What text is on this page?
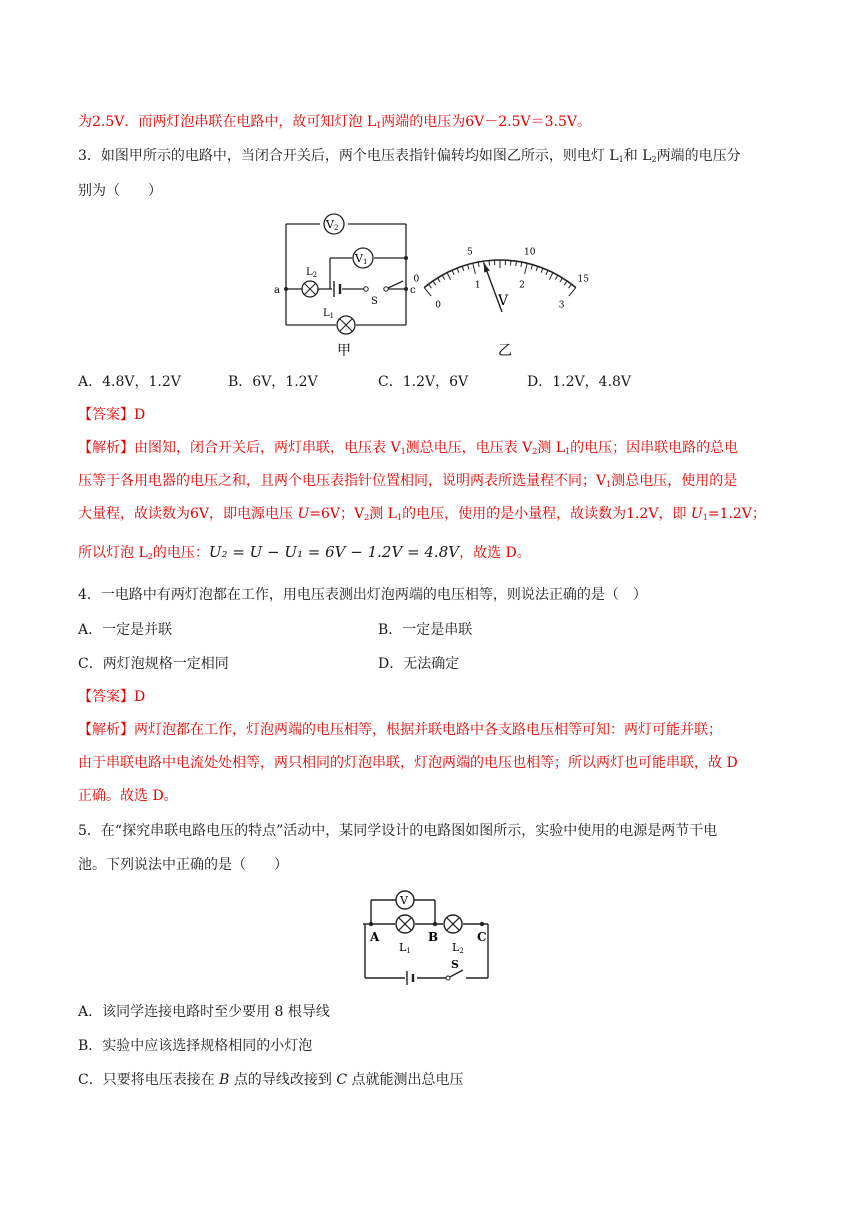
为2.5V．而两灯泡串联在电路中，故可知灯泡 $L_1$两端的电压为6V－2.5V＝3.5V。
3．如图甲所示的电路中，当闭合开关后，两个电压表指针偏转均如图乙所示，则电灯 $L_1$和 $L_2$两端的电压分
别为（　　）
V2
V1
$L_2$
$L_1$
S
a	c
甲
0
5	10
15
0
1	2
3
V
乙
A．4.8V，1.2V	B．6V，1.2V	C．1.2V，6V	D．1.2V，4.8V
【答案】D
【解析】由图知，闭合开关后，两灯串联，电压表 $V_1$测总电压，电压表 $V_2$测 $L_1$的电压；因串联电路的总电
压等于各用电器的电压之和，且两个电压表指针位置相同，说明两表所选量程不同；$V_1$测总电压，使用的是
大量程，故读数为6V，即电源电压 U=6V；$V_2$测 $L_1$的电压，使用的是小量程，故读数为1.2V，即 $U_1=1.2V$；
所以灯泡 $L_2$的电压：U₂ = U − U₁ = 6V − 1.2V = 4.8V，故选 D。
4．一电路中有两灯泡都在工作，用电压表测出灯泡两端的电压相等，则说法正确的是（　）
A．一定是并联	B．一定是串联
C．两灯泡规格一定相同	D．无法确定
【答案】D
【解析】两灯泡都在工作，灯泡两端的电压相等，根据并联电路中各支路电压相等可知：两灯可能并联；
由于串联电路中电流处处相等，两只相同的灯泡串联，灯泡两端的电压也相等；所以两灯也可能串联，故 D
正确。故选 D。
5．在“探究串联电路电压的特点”活动中，某同学设计的电路图如图所示，实验中使用的电源是两节干电
池。下列说法中正确的是（　　）
V
A	B	C
L1	L2
S
A．该同学连接电路时至少要用 8 根导线
B．实验中应该选择规格相同的小灯泡
C．只要将电压表接在 B 点的导线改接到 C 点就能测出总电压
